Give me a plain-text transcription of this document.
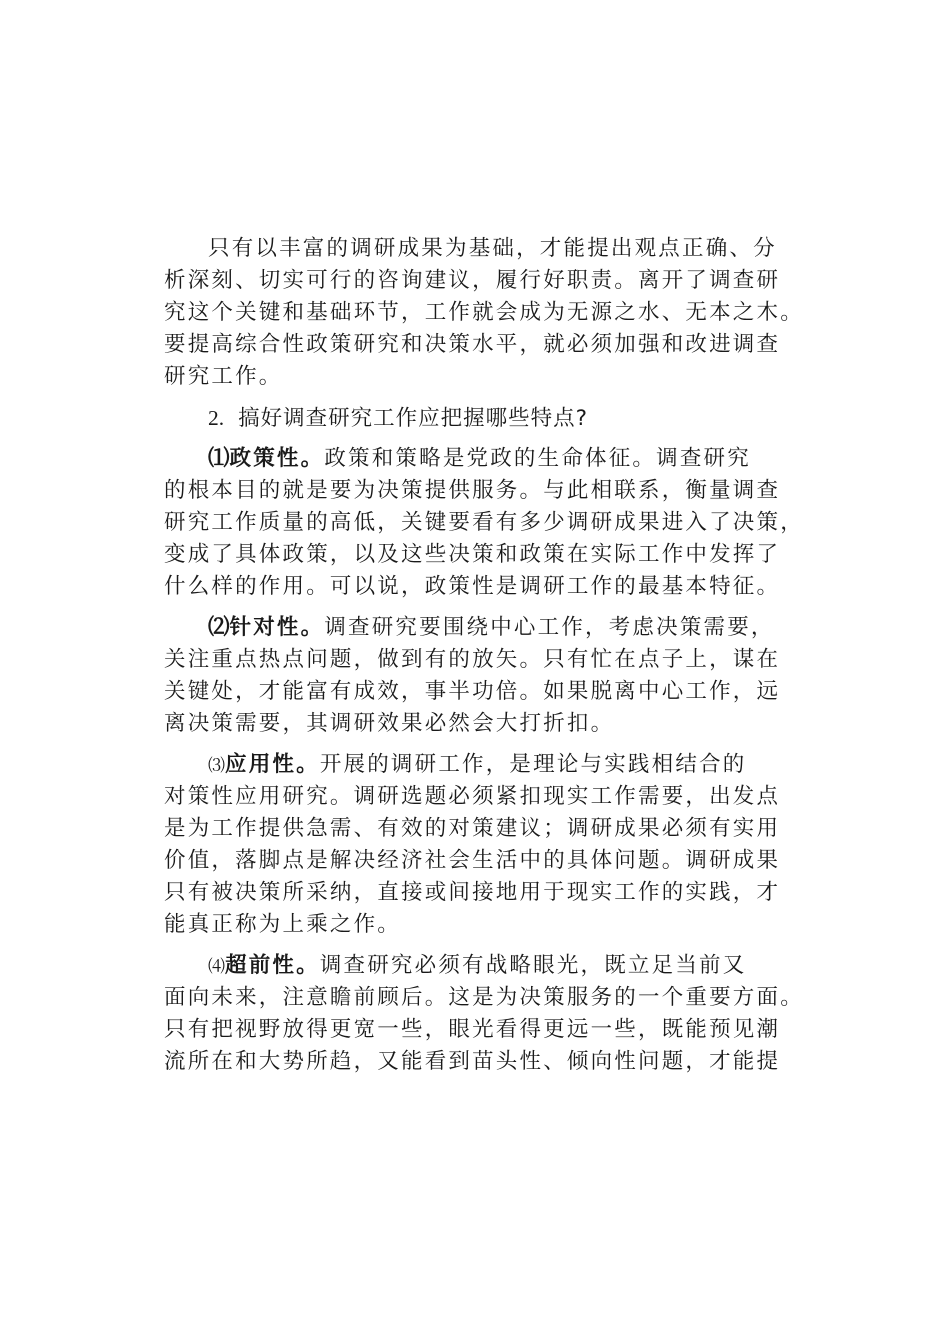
只有以丰富的调研成果为基础，才能提出观点正确、分
析深刻、切实可行的咨询建议，履行好职责。离开了调查研
究这个关键和基础环节，工作就会成为无源之水、无本之木。
要提高综合性政策研究和决策水平，就必须加强和改进调查
研究工作。
2. 搞好调查研究工作应把握哪些特点?
⑴政策性。政策和策略是党政的生命体征。调查研究
的根本目的就是要为决策提供服务。与此相联系，衡量调查
研究工作质量的高低，关键要看有多少调研成果进入了决策，
变成了具体政策，以及这些决策和政策在实际工作中发挥了
什么样的作用。可以说，政策性是调研工作的最基本特征。
⑵针对性。调查研究要围绕中心工作，考虑决策需要，
关注重点热点问题，做到有的放矢。只有忙在点子上，谋在
关键处，才能富有成效，事半功倍。如果脱离中心工作，远
离决策需要，其调研效果必然会大打折扣。
⑶应用性。开展的调研工作，是理论与实践相结合的
对策性应用研究。调研选题必须紧扣现实工作需要，出发点
是为工作提供急需、有效的对策建议；调研成果必须有实用
价值，落脚点是解决经济社会生活中的具体问题。调研成果
只有被决策所采纳，直接或间接地用于现实工作的实践，才
能真正称为上乘之作。
⑷超前性。调查研究必须有战略眼光，既立足当前又
面向未来，注意瞻前顾后。这是为决策服务的一个重要方面。
只有把视野放得更宽一些，眼光看得更远一些，既能预见潮
流所在和大势所趋，又能看到苗头性、倾向性问题，才能提
